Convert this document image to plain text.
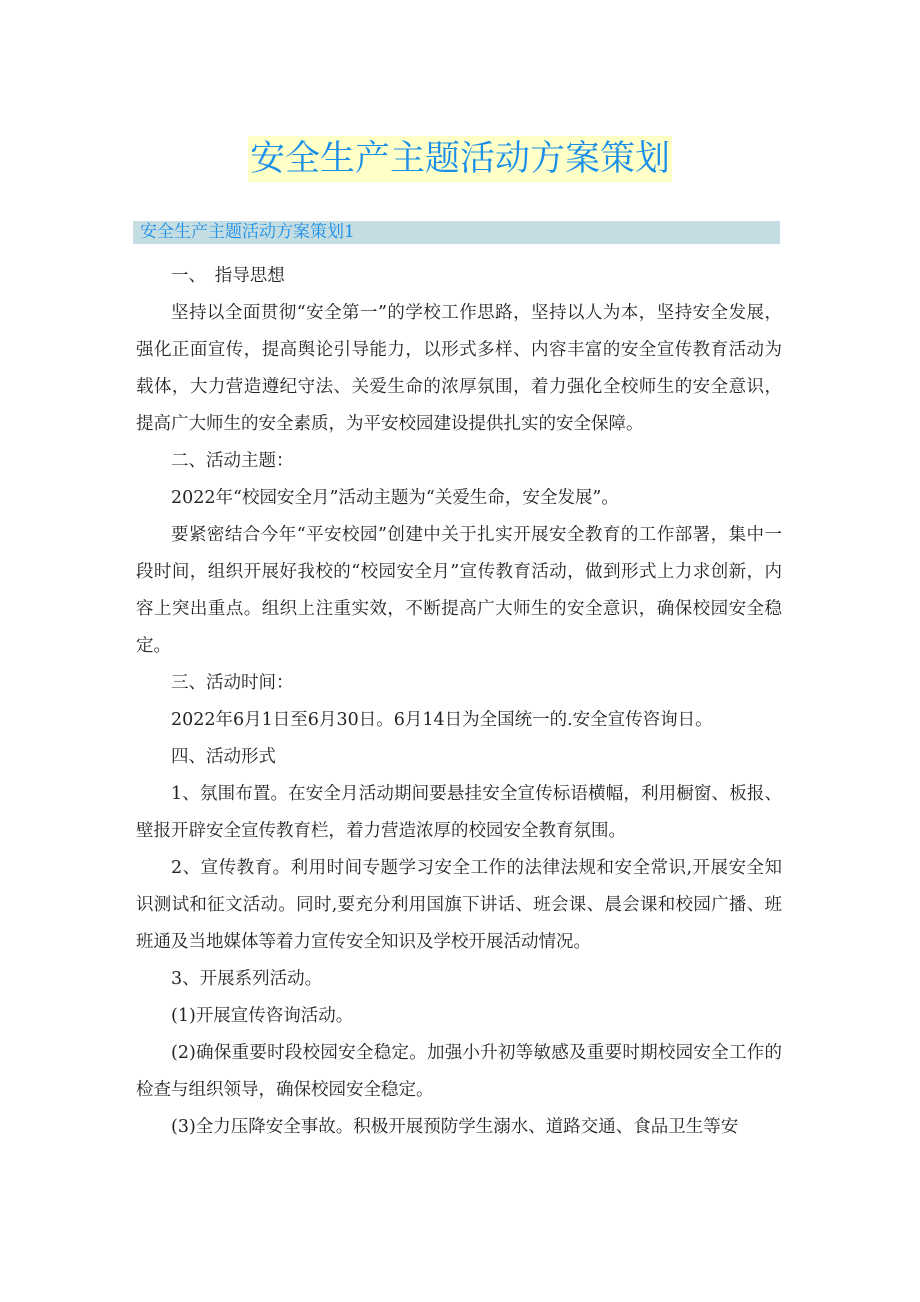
安全生产主题活动方案策划
安全生产主题活动方案策划1

一、　指导思想

坚持以全面贯彻“安全第一”的学校工作思路，坚持以人为本，坚持安全发展，强化正面宣传，提高舆论引导能力，以形式多样、内容丰富的安全宣传教育活动为载体，大力营造遵纪守法、关爱生命的浓厚氛围，着力强化全校师生的安全意识，提高广大师生的安全素质，为平安校园建设提供扎实的安全保障。

二、活动主题：

2022年“校园安全月”活动主题为“关爱生命，安全发展”。

要紧密结合今年“平安校园”创建中关于扎实开展安全教育的工作部署，集中一段时间，组织开展好我校的“校园安全月”宣传教育活动，做到形式上力求创新，内容上突出重点。组织上注重实效，不断提高广大师生的安全意识，确保校园安全稳定。

三、活动时间：

2022年6月1日至6月30日。6月14日为全国统一的.安全宣传咨询日。

四、活动形式

1、氛围布置。在安全月活动期间要悬挂安全宣传标语横幅，利用橱窗、板报、壁报开辟安全宣传教育栏，着力营造浓厚的校园安全教育氛围。

2、宣传教育。利用时间专题学习安全工作的法律法规和安全常识,开展安全知识测试和征文活动。同时,要充分利用国旗下讲话、班会课、晨会课和校园广播、班班通及当地媒体等着力宣传安全知识及学校开展活动情况。

3、开展系列活动。

(1)开展宣传咨询活动。

(2)确保重要时段校园安全稳定。加强小升初等敏感及重要时期校园安全工作的检查与组织领导，确保校园安全稳定。

(3)全力压降安全事故。积极开展预防学生溺水、道路交通、食品卫生等安
